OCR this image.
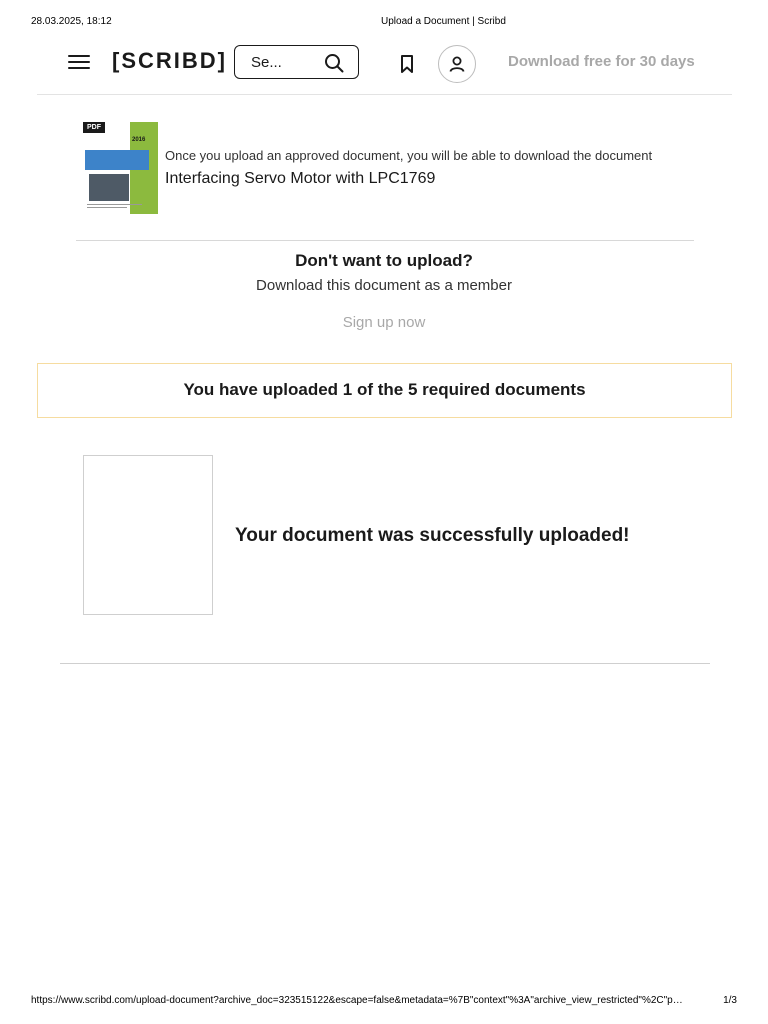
28.03.2025, 18:12	Upload a Document | Scribd
[SCRIBD] Se...	Download free for 30 days
PDF
2016
Once you upload an approved document, you will be able to download the document
Interfacing Servo Motor with LPC1769
Don't want to upload?
Download this document as a member
Sign up now
You have uploaded 1 of the 5 required documents
Your document was successfully uploaded!
https://www.scribd.com/upload-document?archive_doc=323515122&escape=false&metadata=%7B"context"%3A"archive_view_restricted"%2C"p…	1/3
